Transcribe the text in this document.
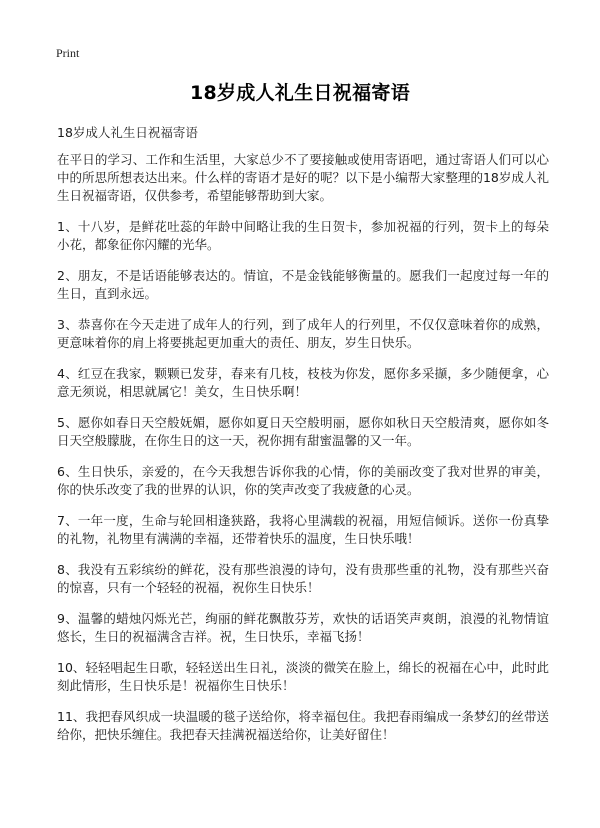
Print
18岁成人礼生日祝福寄语
18岁成人礼生日祝福寄语

在平日的学习、工作和生活里，大家总少不了要接触或使用寄语吧，通过寄语人们可以心中的所思所想表达出来。什么样的寄语才是好的呢？以下是小编帮大家整理的18岁成人礼生日祝福寄语，仅供参考，希望能够帮助到大家。

1、十八岁，是鲜花吐蕊的年龄中间略让我的生日贺卡，参加祝福的行列，贺卡上的每朵小花，都象征你闪耀的光华。

2、朋友，不是话语能够表达的。情谊，不是金钱能够衡量的。愿我们一起度过每一年的生日，直到永远。

3、恭喜你在今天走进了成年人的行列，到了成年人的行列里，不仅仅意味着你的成熟，更意味着你的肩上将要挑起更加重大的责任、朋友，岁生日快乐。

4、红豆在我家，颗颗已发芽，春来有几枝，枝枝为你发，愿你多采撷，多少随便拿，心意无须说，相思就属它！美女，生日快乐啊！

5、愿你如春日天空般妩媚，愿你如夏日天空般明丽，愿你如秋日天空般清爽，愿你如冬日天空般朦胧，在你生日的这一天，祝你拥有甜蜜温馨的又一年。

6、生日快乐，亲爱的，在今天我想告诉你我的心情，你的美丽改变了我对世界的审美，你的快乐改变了我的世界的认识，你的笑声改变了我疲惫的心灵。

7、一年一度，生命与轮回相逢狭路，我将心里满载的祝福，用短信倾诉。送你一份真挚的礼物，礼物里有满满的幸福，还带着快乐的温度，生日快乐哦！

8、我没有五彩缤纷的鲜花，没有那些浪漫的诗句，没有贵那些重的礼物，没有那些兴奋的惊喜，只有一个轻轻的祝福，祝你生日快乐！

9、温馨的蜡烛闪烁光芒，绚丽的鲜花飘散芬芳，欢快的话语笑声爽朗，浪漫的礼物情谊悠长，生日的祝福满含吉祥。祝，生日快乐，幸福飞扬！

10、轻轻唱起生日歌，轻轻送出生日礼，淡淡的微笑在脸上，绵长的祝福在心中，此时此刻此情形，生日快乐是！祝福你生日快乐！

11、我把春风织成一块温暖的毯子送给你，将幸福包住。我把春雨编成一条梦幻的丝带送给你，把快乐缠住。我把春天挂满祝福送给你，让美好留住！
